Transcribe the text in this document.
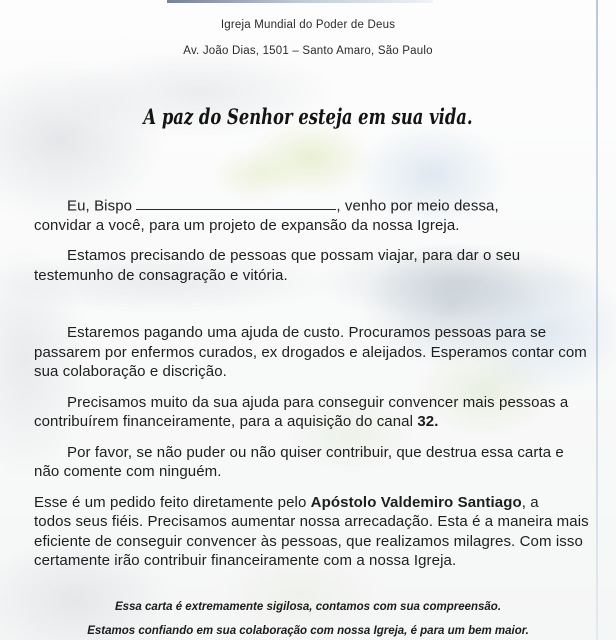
Igreja Mundial do Poder de Deus
Av. João Dias, 1501 – Santo Amaro, São Paulo
A paz do Senhor esteja em sua vida.

Eu, Bispo	, venho por meio dessa,
convidar a você, para um projeto de expansão da nossa Igreja.

Estamos precisando de pessoas que possam viajar, para dar o seu
testemunho de consagração e vitória.

Estaremos pagando uma ajuda de custo. Procuramos pessoas para se
passarem por enfermos curados, ex drogados e aleijados. Esperamos contar com
sua colaboração e discrição.

Precisamos muito da sua ajuda para conseguir convencer mais pessoas a
contribuírem financeiramente, para a aquisição do canal 32.

Por favor, se não puder ou não quiser contribuir, que destrua essa carta e
não comente com ninguém.

Esse é um pedido feito diretamente pelo Apóstolo Valdemiro Santiago, a
todos seus fiéis. Precisamos aumentar nossa arrecadação. Esta é a maneira mais
eficiente de conseguir convencer às pessoas, que realizamos milagres. Com isso
certamente irão contribuir financeiramente com a nossa Igreja.

Essa carta é extremamente sigilosa, contamos com sua compreensão.
Estamos confiando em sua colaboração com nossa Igreja, é para um bem maior.
